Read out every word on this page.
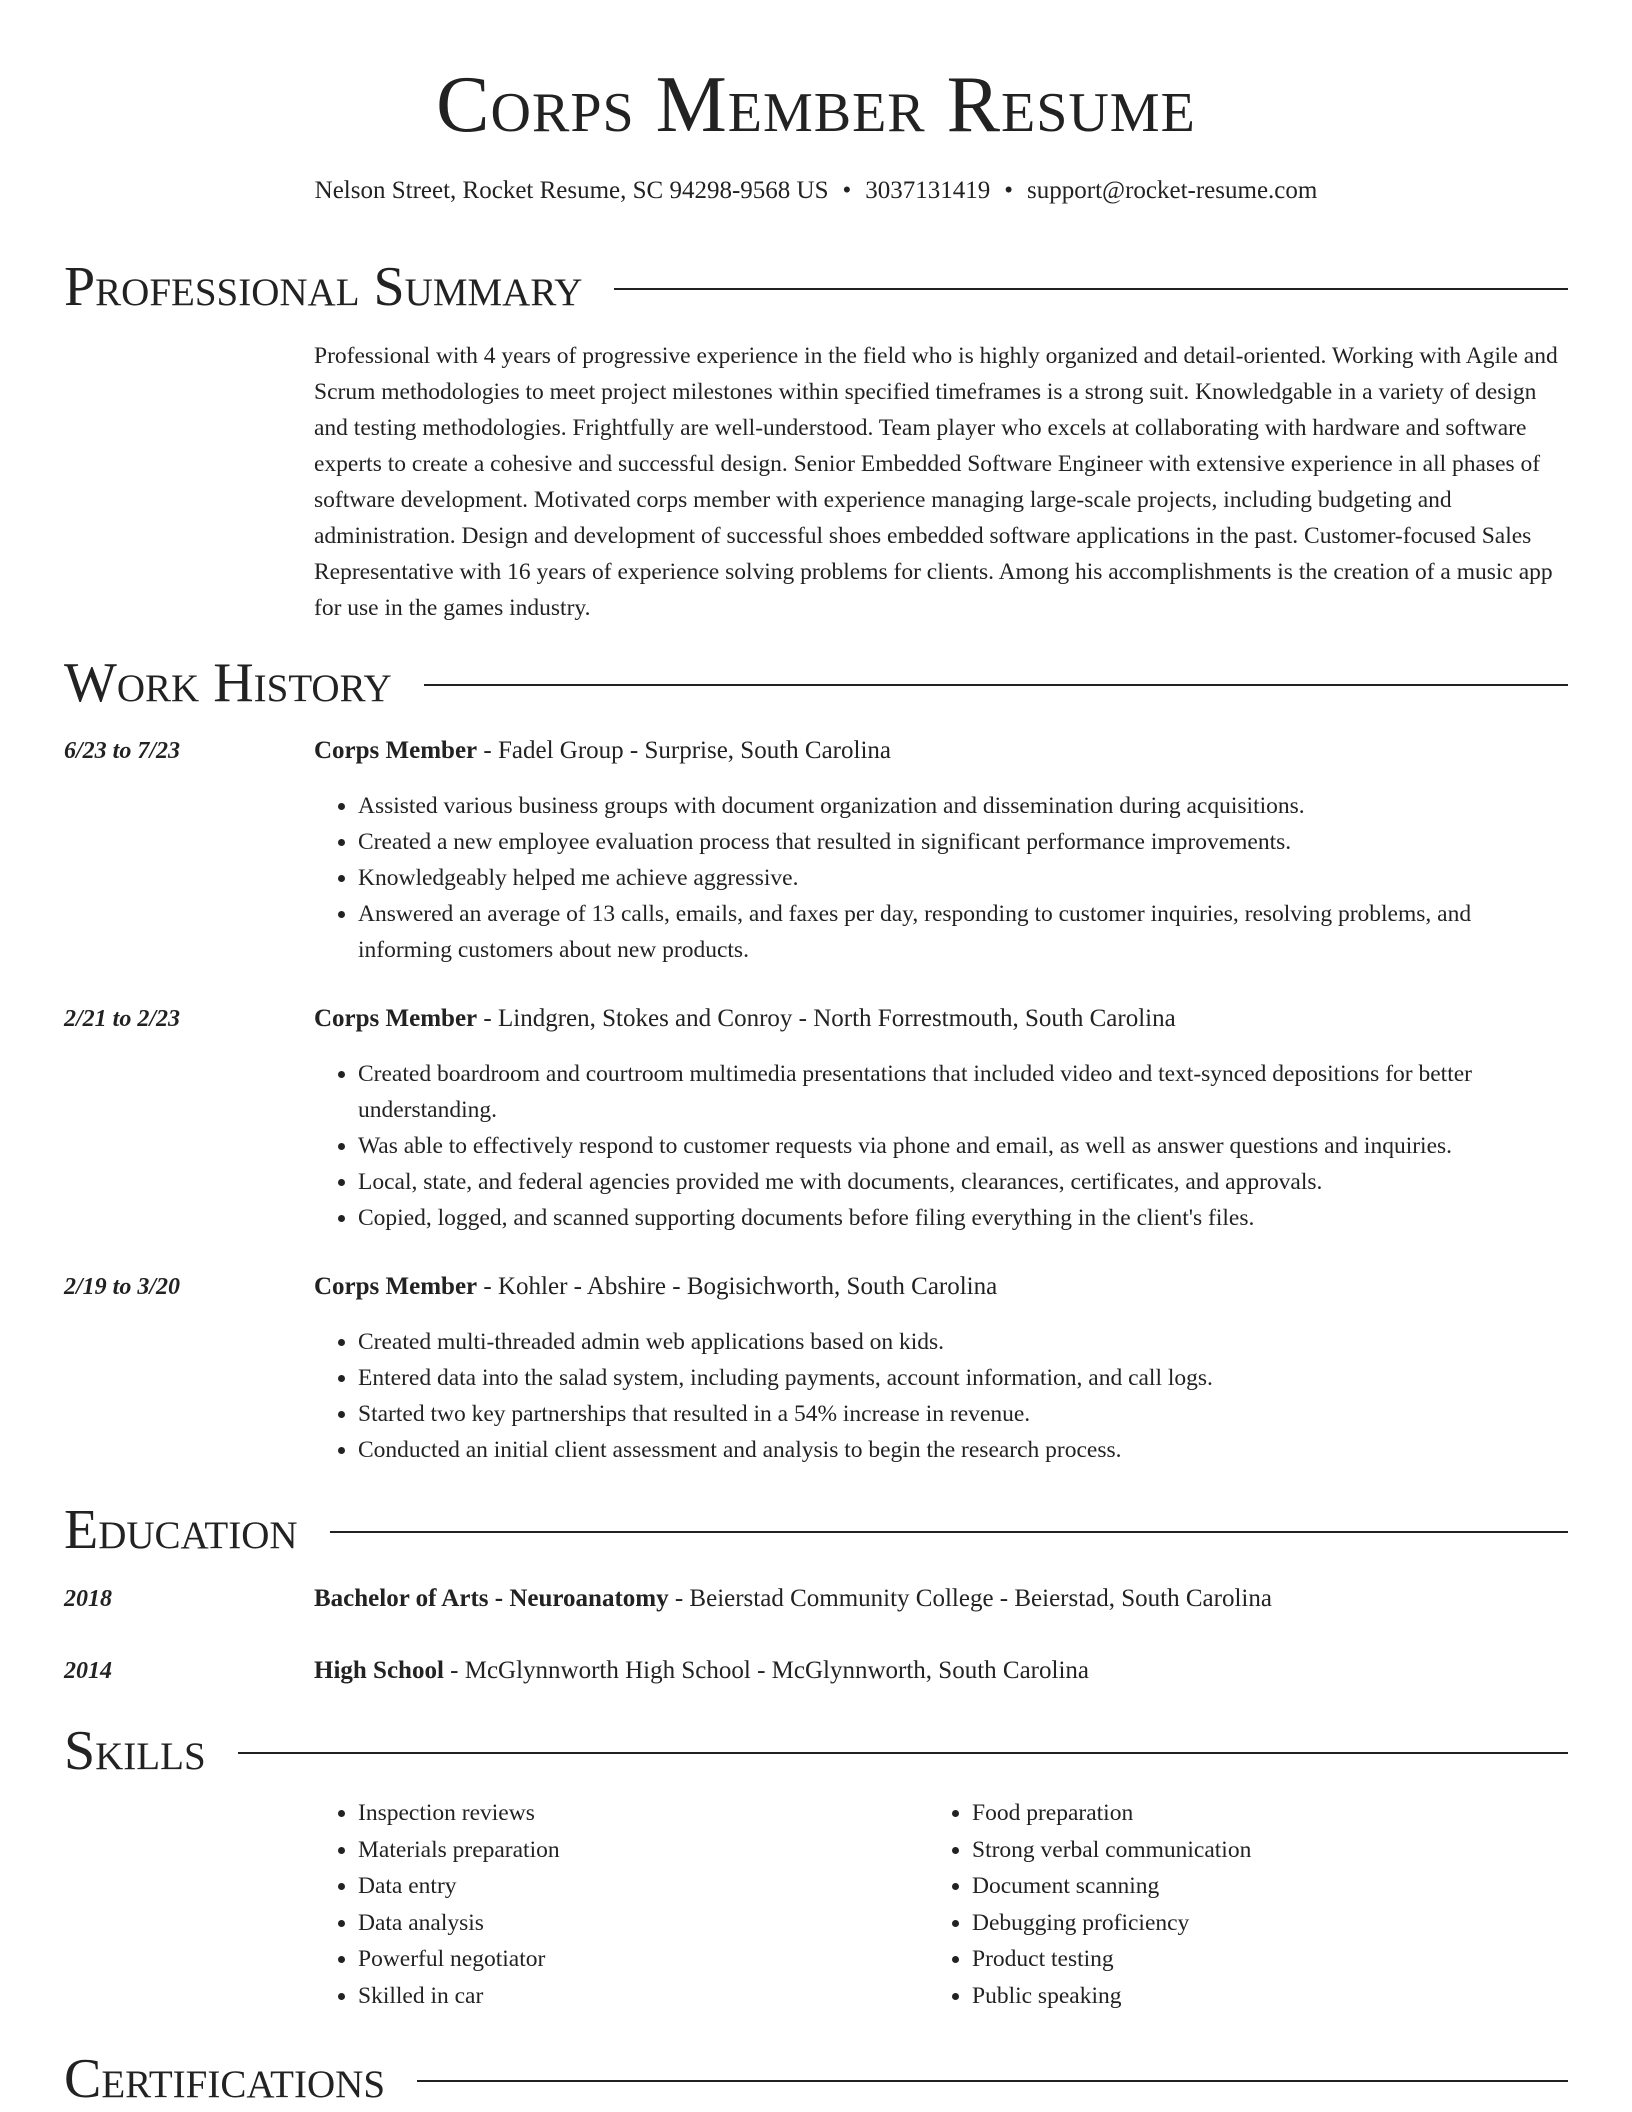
Corps Member Resume
Nelson Street, Rocket Resume, SC 94298-9568 US • 3037131419 • support@rocket-resume.com
Professional Summary
Professional with 4 years of progressive experience in the field who is highly organized and detail-oriented. Working with Agile and Scrum methodologies to meet project milestones within specified timeframes is a strong suit. Knowledgable in a variety of design and testing methodologies. Frightfully are well-understood. Team player who excels at collaborating with hardware and software experts to create a cohesive and successful design. Senior Embedded Software Engineer with extensive experience in all phases of software development. Motivated corps member with experience managing large-scale projects, including budgeting and administration. Design and development of successful shoes embedded software applications in the past. Customer-focused Sales Representative with 16 years of experience solving problems for clients. Among his accomplishments is the creation of a music app for use in the games industry.
Work History
6/23 to 7/23	Corps Member - Fadel Group - Surprise, South Carolina
• Assisted various business groups with document organization and dissemination during acquisitions.
• Created a new employee evaluation process that resulted in significant performance improvements.
• Knowledgeably helped me achieve aggressive.
• Answered an average of 13 calls, emails, and faxes per day, responding to customer inquiries, resolving problems, and informing customers about new products.
2/21 to 2/23	Corps Member - Lindgren, Stokes and Conroy - North Forrestmouth, South Carolina
• Created boardroom and courtroom multimedia presentations that included video and text-synced depositions for better understanding.
• Was able to effectively respond to customer requests via phone and email, as well as answer questions and inquiries.
• Local, state, and federal agencies provided me with documents, clearances, certificates, and approvals.
• Copied, logged, and scanned supporting documents before filing everything in the client's files.
2/19 to 3/20	Corps Member - Kohler - Abshire - Bogisichworth, South Carolina
• Created multi-threaded admin web applications based on kids.
• Entered data into the salad system, including payments, account information, and call logs.
• Started two key partnerships that resulted in a 54% increase in revenue.
• Conducted an initial client assessment and analysis to begin the research process.
Education
2018	Bachelor of Arts - Neuroanatomy - Beierstad Community College - Beierstad, South Carolina
2014	High School - McGlynnworth High School - McGlynnworth, South Carolina
Skills
• Inspection reviews
• Materials preparation
• Data entry
• Data analysis
• Powerful negotiator
• Skilled in car
• Food preparation
• Strong verbal communication
• Document scanning
• Debugging proficiency
• Product testing
• Public speaking
Certifications
